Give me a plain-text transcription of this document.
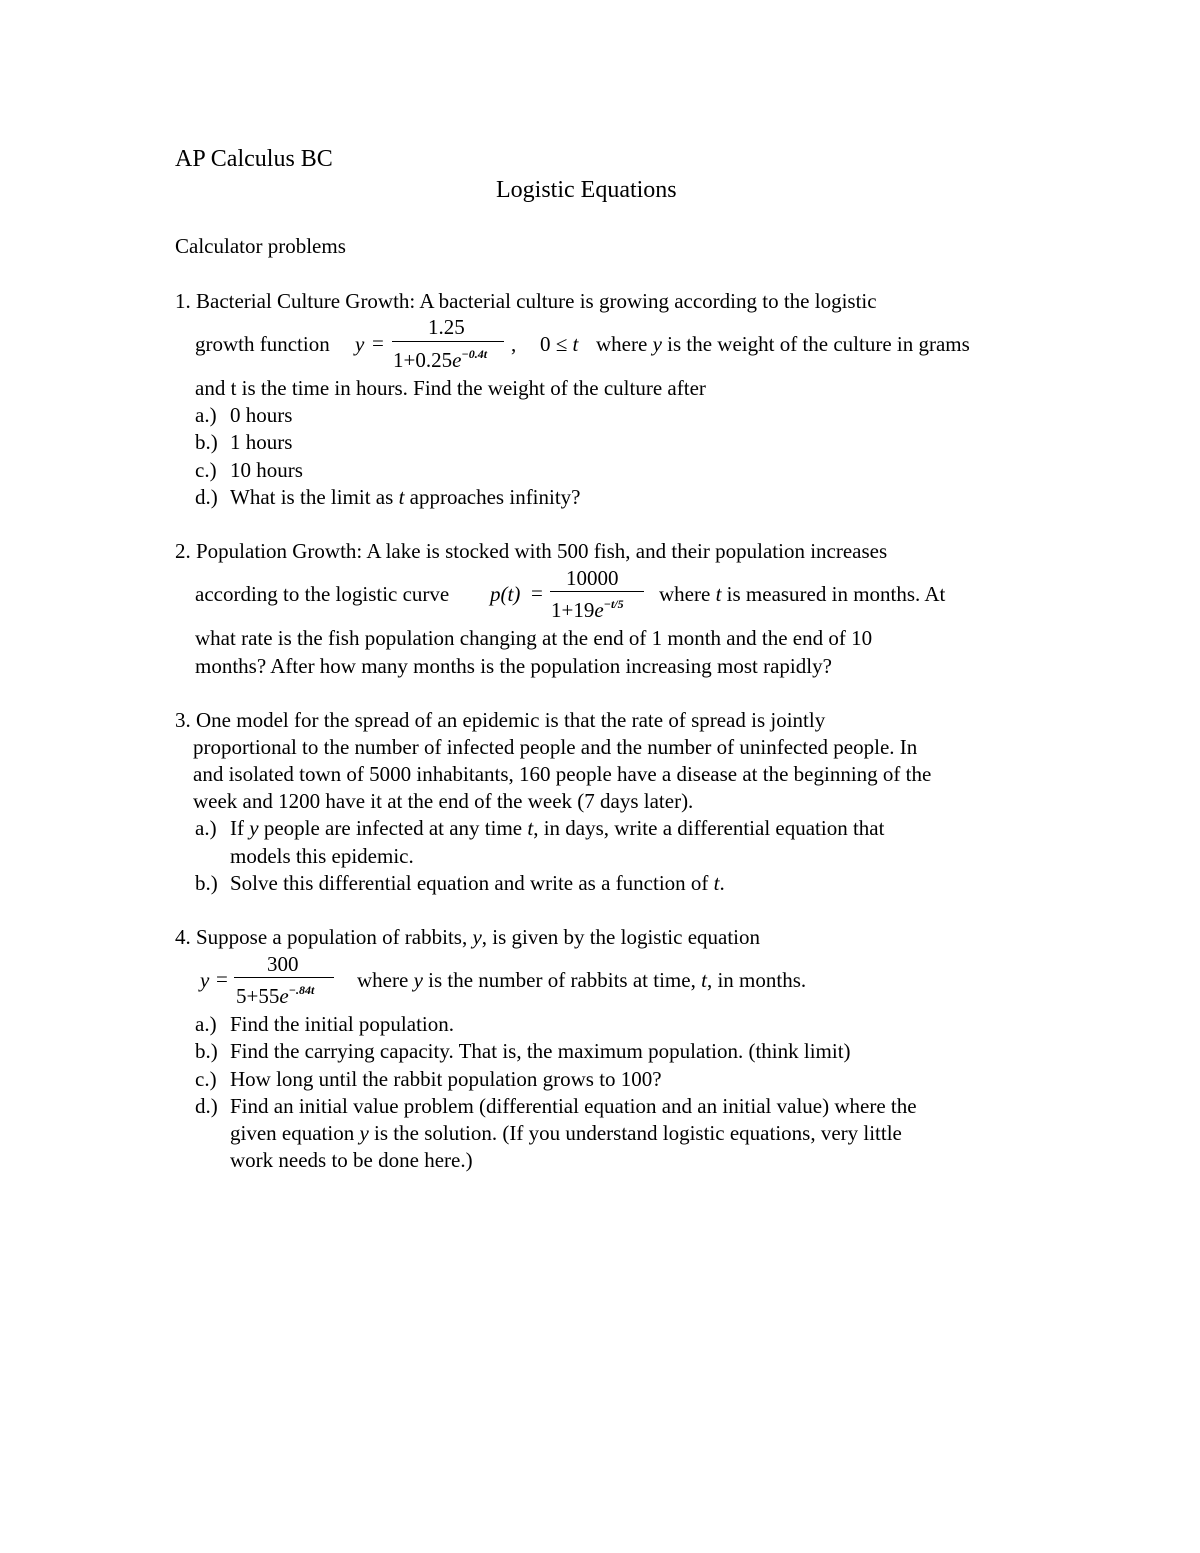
AP Calculus BC
Logistic Equations
Calculator problems
1. Bacterial Culture Growth: A bacterial culture is growing according to the logistic
growth function y =
1.25
$1+0.25e^{-0.4t}$ , 0 ≤ t where y is the weight of the culture in grams
and t is the time in hours. Find the weight of the culture after
a.) 0 hours
b.) 1 hours
c.) 10 hours
d.) What is the limit as t approaches infinity?
2. Population Growth: A lake is stocked with 500 fish, and their population increases
according to the logistic curve p(t) =
10000
$1+19e^{-t/5}$ where t is measured in months. At
what rate is the fish population changing at the end of 1 month and the end of 10
months? After how many months is the population increasing most rapidly?
3. One model for the spread of an epidemic is that the rate of spread is jointly
proportional to the number of infected people and the number of uninfected people. In
and isolated town of 5000 inhabitants, 160 people have a disease at the beginning of the
week and 1200 have it at the end of the week (7 days later).
a.) If y people are infected at any time t, in days, write a differential equation that
models this epidemic.
b.) Solve this differential equation and write as a function of t.
4. Suppose a population of rabbits, y, is given by the logistic equation
y =
300
$5+55e^{-.84t}$ where y is the number of rabbits at time, t, in months.
a.) Find the initial population.
b.) Find the carrying capacity. That is, the maximum population. (think limit)
c.) How long until the rabbit population grows to 100?
d.) Find an initial value problem (differential equation and an initial value) where the
given equation y is the solution. (If you understand logistic equations, very little
work needs to be done here.)
